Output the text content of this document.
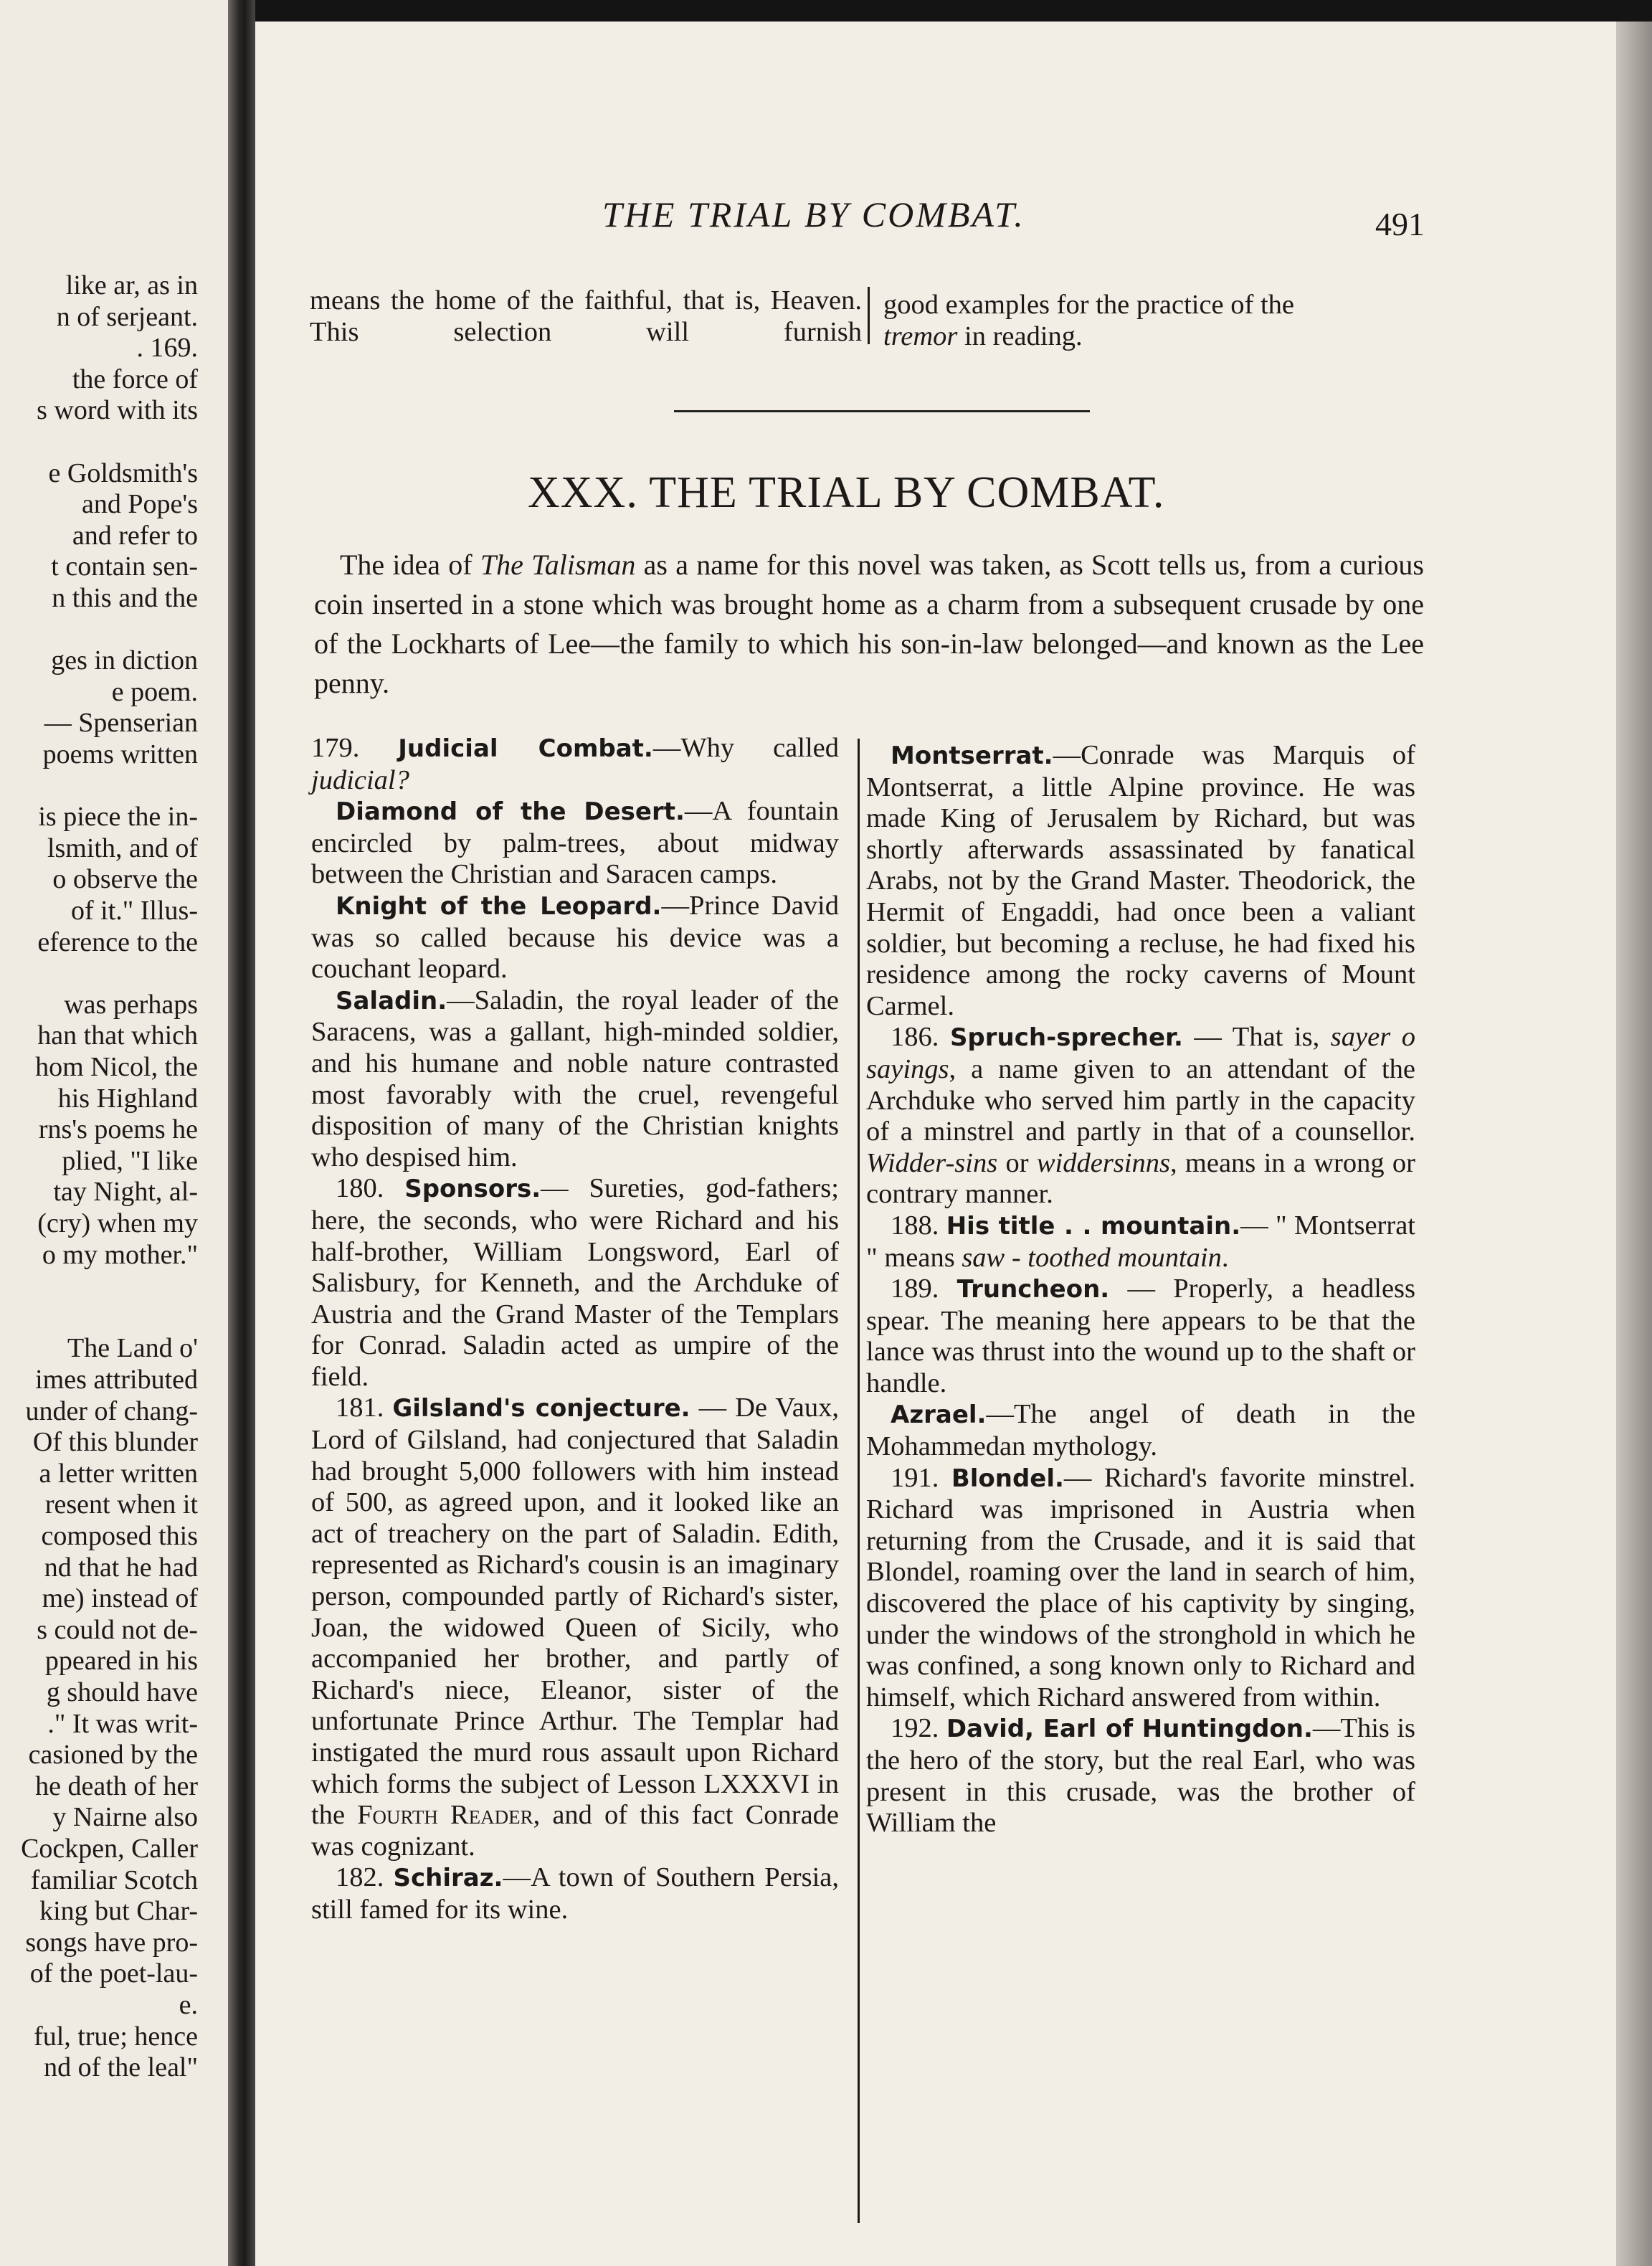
like ar, as in
n of serjeant.
. 169.
the force of
s word with its
e Goldsmith's
and Pope's
and refer to
t contain sen-
n this and the
ges in diction
e poem.
— Spenserian
poems written
is piece the in-
lsmith, and of
o observe the
of it." Illus-
eference to the
was perhaps
han that which
hom Nicol, the
his Highland
rns's poems he
plied, "I like
tay Night, al-
(cry) when my
o my mother."
The Land o'
imes attributed
under of chang-
Of this blunder
a letter written
resent when it
composed this
nd that he had
me) instead of
s could not de-
ppeared in his
g should have
." It was writ-
casioned by the
he death of her
y Nairne also
Cockpen, Caller
familiar Scotch
king but Char-
songs have pro-
of the poet-lau-
e.
ful, true; hence
nd of the leal"
THE TRIAL BY COMBAT.	491

means the home of the faithful, that is, Heaven. This selection will furnish

good examples for the practice of the
tremor in reading.

XXX. THE TRIAL BY COMBAT.

The idea of The Talisman as a name for this novel was taken, as Scott tells us, from a curious coin inserted in a stone which was brought home as a charm from a subsequent crusade by one of the Lockharts of Lee—the family to which his son-in-law belonged—and known as the Lee penny.

179. Judicial Combat.—Why called judicial?

Diamond of the Desert.—A fountain encircled by palm-trees, about midway between the Christian and Saracen camps.

Knight of the Leopard.—Prince David was so called because his device was a couchant leopard.

Saladin.—Saladin, the royal leader of the Saracens, was a gallant, high-minded soldier, and his humane and noble nature contrasted most favorably with the cruel, revengeful disposition of many of the Christian knights who despised him.

180. Sponsors.— Sureties, god-fathers; here, the seconds, who were Richard and his half-brother, William Longsword, Earl of Salisbury, for Kenneth, and the Archduke of Austria and the Grand Master of the Templars for Conrad. Saladin acted as umpire of the field.

181. Gilsland's conjecture. — De Vaux, Lord of Gilsland, had conjectured that Saladin had brought 5,000 followers with him instead of 500, as agreed upon, and it looked like an act of treachery on the part of Saladin. Edith, represented as Richard's cousin is an imaginary person, compounded partly of Richard's sister, Joan, the widowed Queen of Sicily, who accompanied her brother, and partly of Richard's niece, Eleanor, sister of the unfortunate Prince Arthur. The Templar had instigated the murd rous assault upon Richard which forms the subject of Lesson LXXXVI in the Fourth Reader, and of this fact Conrade was cognizant.

182. Schiraz.—A town of Southern Persia, still famed for its wine.

Montserrat.—Conrade was Marquis of Montserrat, a little Alpine province. He was made King of Jerusalem by Richard, but was shortly afterwards assassinated by fanatical Arabs, not by the Grand Master. Theodorick, the Hermit of Engaddi, had once been a valiant soldier, but becoming a recluse, he had fixed his residence among the rocky caverns of Mount Carmel.

186. Spruch-sprecher. — That is, sayer o sayings, a name given to an attendant of the Archduke who served him partly in the capacity of a minstrel and partly in that of a counsellor. Widder-sins or widdersinns, means in a wrong or contrary manner.

188. His title . . mountain.— " Montserrat " means saw - toothed mountain.

189. Truncheon. — Properly, a headless spear. The meaning here appears to be that the lance was thrust into the wound up to the shaft or handle.

Azrael.—The angel of death in the Mohammedan mythology.

191. Blondel.— Richard's favorite minstrel. Richard was imprisoned in Austria when returning from the Crusade, and it is said that Blondel, roaming over the land in search of him, discovered the place of his captivity by singing, under the windows of the stronghold in which he was confined, a song known only to Richard and himself, which Richard answered from within.

192. David, Earl of Huntingdon.—This is the hero of the story, but the real Earl, who was present in this crusade, was the brother of William the
